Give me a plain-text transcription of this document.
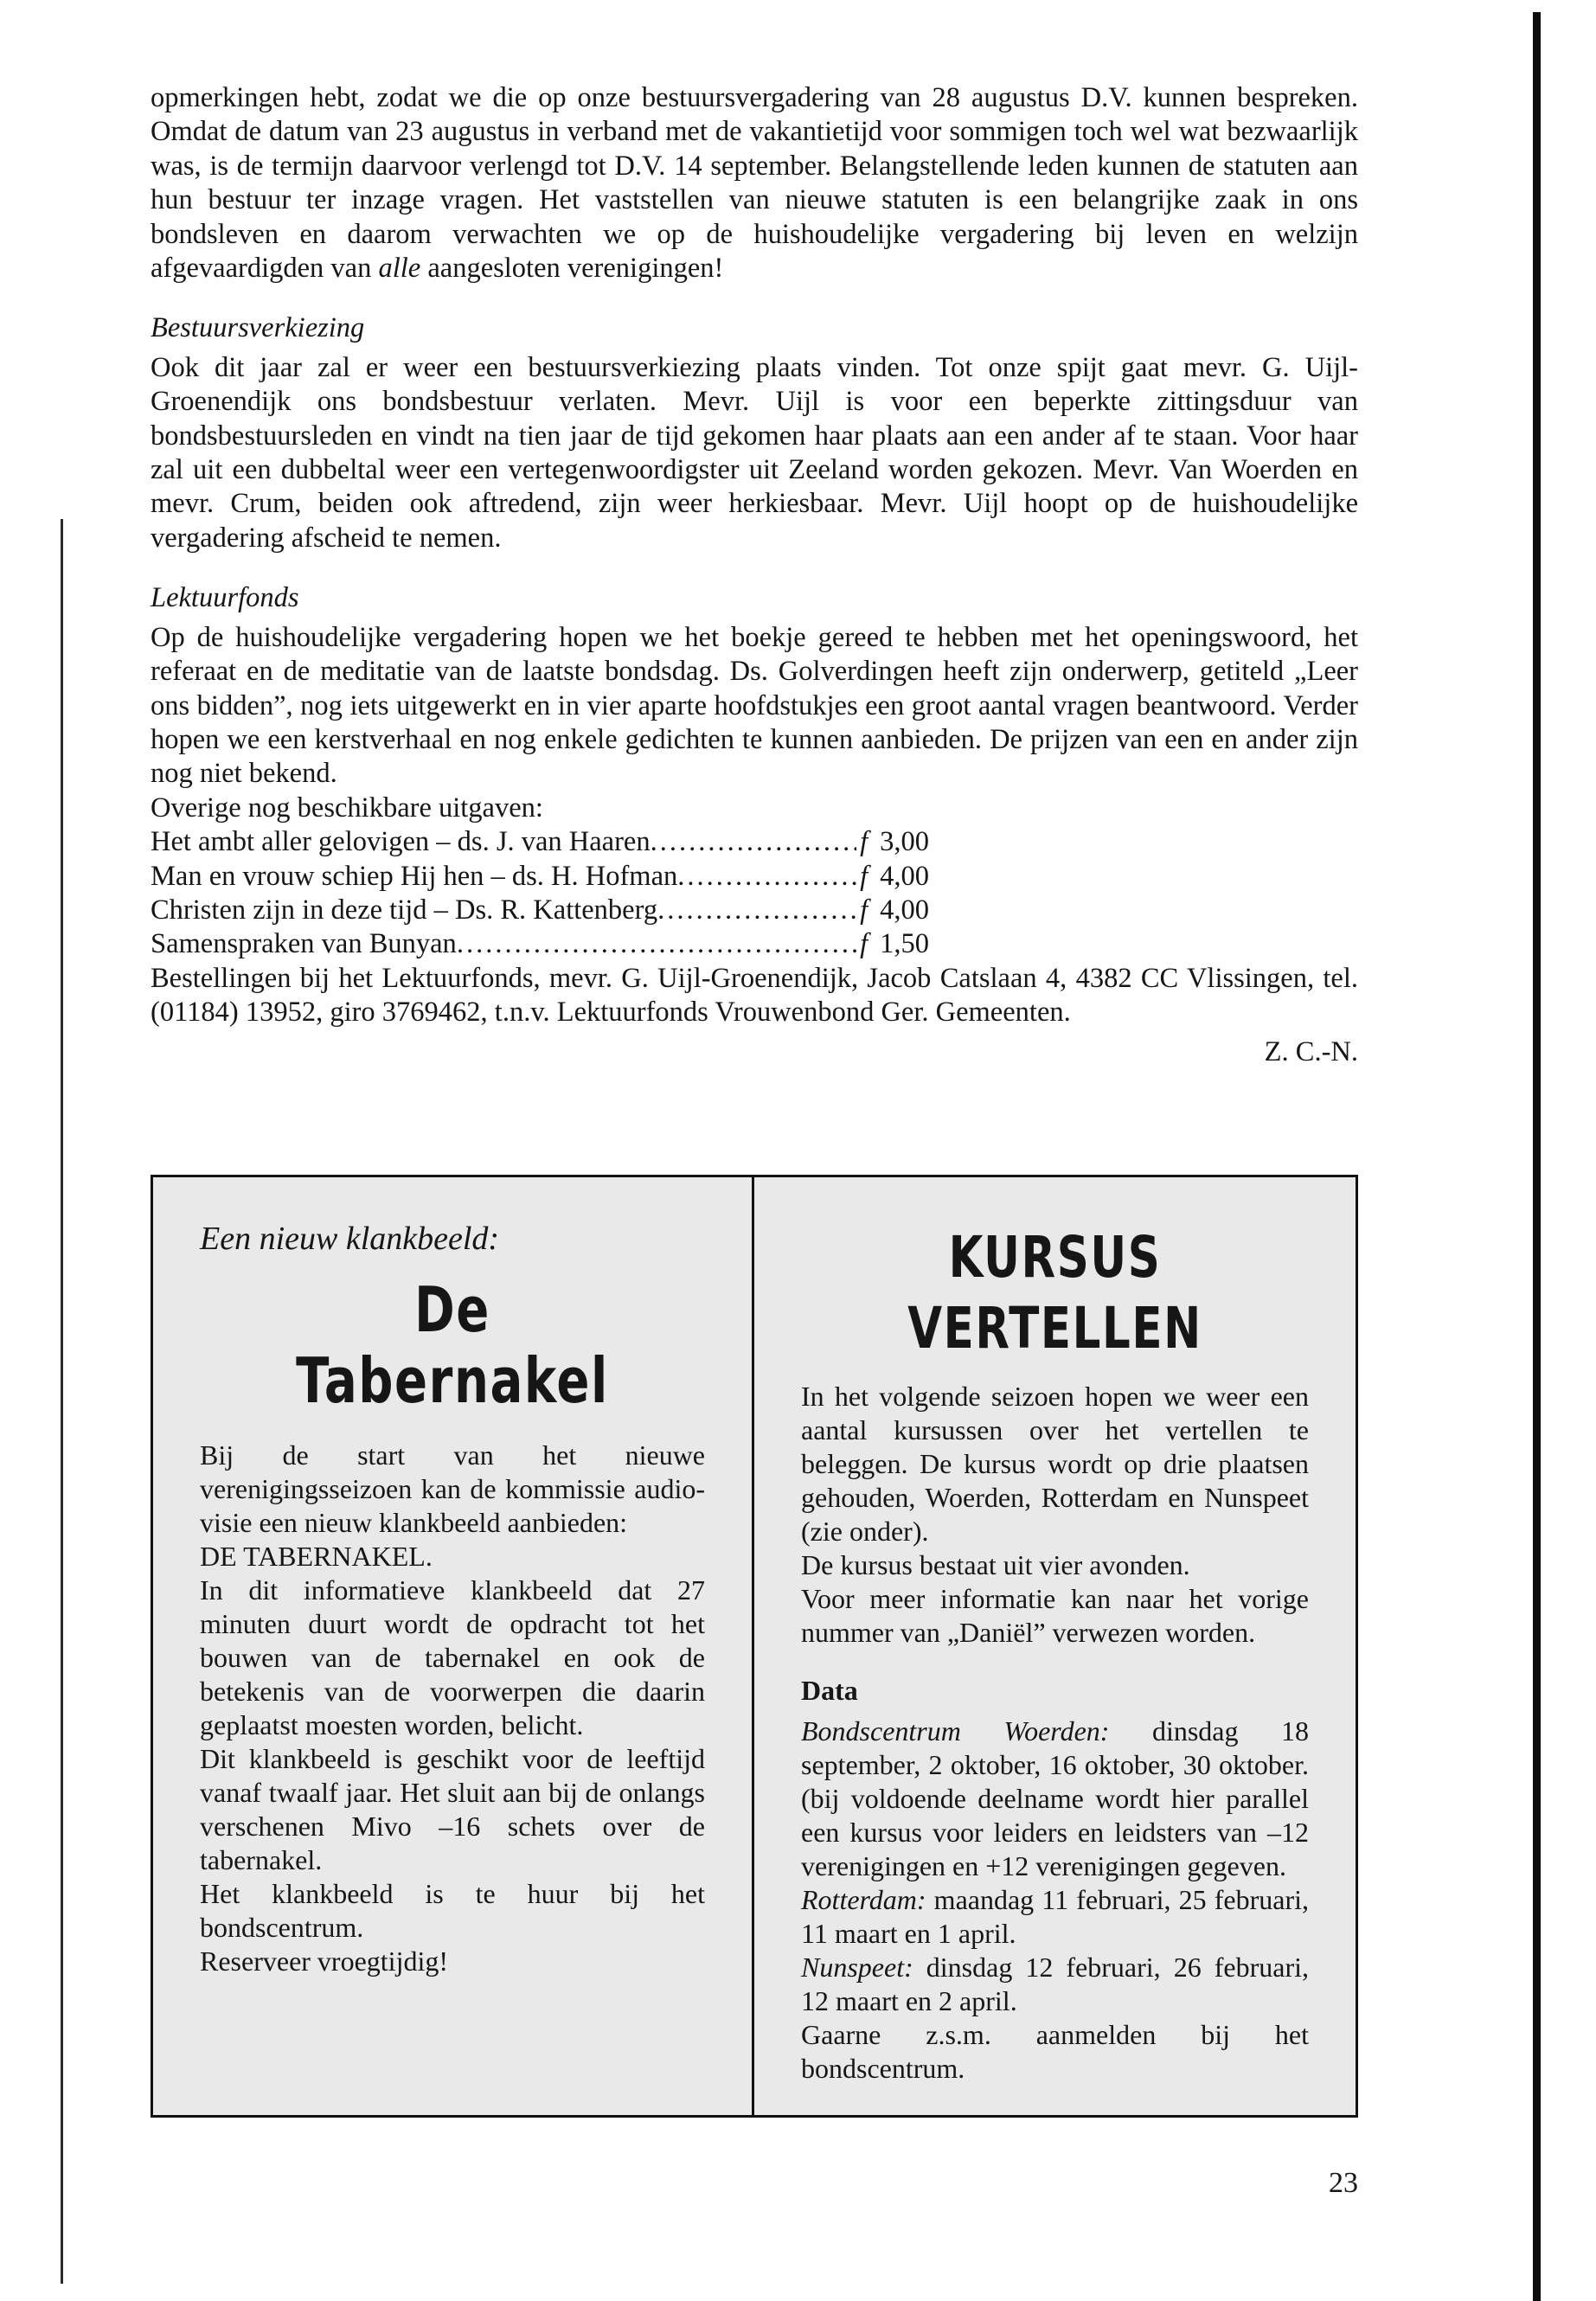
opmerkingen hebt, zodat we die op onze bestuursvergadering van 28 augustus D.V. kunnen bespreken. Omdat de datum van 23 augustus in verband met de vakantietijd voor sommigen toch wel wat bezwaarlijk was, is de termijn daarvoor verlengd tot D.V. 14 september. Belangstellende leden kunnen de statuten aan hun bestuur ter inzage vragen. Het vaststellen van nieuwe statuten is een belangrijke zaak in ons bondsleven en daarom verwachten we op de huishoudelijke vergadering bij leven en welzijn afgevaardigden van alle aangesloten verenigingen!

Bestuursverkiezing

Ook dit jaar zal er weer een bestuursverkiezing plaats vinden. Tot onze spijt gaat mevr. G. Uijl-Groenendijk ons bondsbestuur verlaten. Mevr. Uijl is voor een beperkte zittingsduur van bondsbestuursleden en vindt na tien jaar de tijd gekomen haar plaats aan een ander af te staan. Voor haar zal uit een dubbeltal weer een vertegenwoordigster uit Zeeland worden gekozen. Mevr. Van Woerden en mevr. Crum, beiden ook aftredend, zijn weer herkiesbaar. Mevr. Uijl hoopt op de huishoudelijke vergadering afscheid te nemen.

Lektuurfonds

Op de huishoudelijke vergadering hopen we het boekje gereed te hebben met het openingswoord, het referaat en de meditatie van de laatste bondsdag. Ds. Golverdingen heeft zijn onderwerp, getiteld „Leer ons bidden”, nog iets uitgewerkt en in vier aparte hoofdstukjes een groot aantal vragen beantwoord. Verder hopen we een kerstverhaal en nog enkele gedichten te kunnen aanbieden. De prijzen van een en ander zijn nog niet bekend.

Overige nog beschikbare uitgaven:

Het ambt aller gelovigen – ds. J. van Haaren .....	f 3,00
Man en vrouw schiep Hij hen – ds. H. Hofman .....	f 4,00
Christen zijn in deze tijd – Ds. R. Kattenberg .....	f 4,00
Samenspraken van Bunyan .....	f 1,50

Bestellingen bij het Lektuurfonds, mevr. G. Uijl-Groenendijk, Jacob Catslaan 4, 4382 CC Vlissingen, tel. (01184) 13952, giro 3769462, t.n.v. Lektuurfonds Vrouwenbond Ger. Gemeenten.

Z. C.-N.

Een nieuw klankbeeld:

De Tabernakel

Bij de start van het nieuwe verenigingsseizoen kan de kommissie audio-visie een nieuw klankbeeld aanbieden:

DE TABERNAKEL.

In dit informatieve klankbeeld dat 27 minuten duurt wordt de opdracht tot het bouwen van de tabernakel en ook de betekenis van de voorwerpen die daarin geplaatst moesten worden, belicht.

Dit klankbeeld is geschikt voor de leeftijd vanaf twaalf jaar. Het sluit aan bij de onlangs verschenen Mivo –16 schets over de tabernakel.

Het klankbeeld is te huur bij het bondscentrum.

Reserveer vroegtijdig!

KURSUS VERTELLEN

In het volgende seizoen hopen we weer een aantal kursussen over het vertellen te beleggen. De kursus wordt op drie plaatsen gehouden, Woerden, Rotterdam en Nunspeet (zie onder).

De kursus bestaat uit vier avonden.

Voor meer informatie kan naar het vorige nummer van „Daniël” verwezen worden.

Data

Bondscentrum Woerden: dinsdag 18 september, 2 oktober, 16 oktober, 30 oktober. (bij voldoende deelname wordt hier parallel een kursus voor leiders en leidsters van –12 verenigingen en +12 verenigingen gegeven.

Rotterdam: maandag 11 februari, 25 februari, 11 maart en 1 april.

Nunspeet: dinsdag 12 februari, 26 februari, 12 maart en 2 april.

Gaarne z.s.m. aanmelden bij het bondscentrum.

23
